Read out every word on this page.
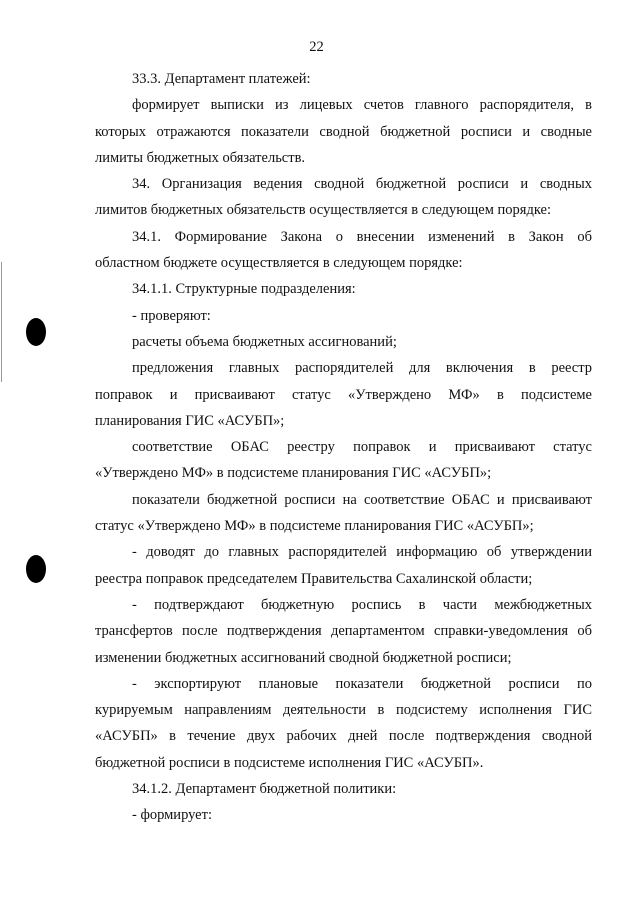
22

33.3. Департамент платежей:

формирует выписки из лицевых счетов главного распорядителя, в
которых отражаются показатели сводной бюджетной росписи и сводные
лимиты бюджетных обязательств.

34. Организация ведения сводной бюджетной росписи и сводных
лимитов бюджетных обязательств осуществляется в следующем порядке:

34.1. Формирование Закона о внесении изменений в Закон об
областном бюджете осуществляется в следующем порядке:

34.1.1. Структурные подразделения:

- проверяют:

расчеты объема бюджетных ассигнований;

предложения главных распорядителей для включения в реестр
поправок и присваивают статус «Утверждено МФ» в подсистеме
планирования ГИС «АСУБП»;

соответствие ОБАС реестру поправок и присваивают статус
«Утверждено МФ» в подсистеме планирования ГИС «АСУБП»;

показатели бюджетной росписи на соответствие ОБАС и присваивают
статус «Утверждено МФ» в подсистеме планирования ГИС «АСУБП»;

- доводят до главных распорядителей информацию об утверждении
реестра поправок председателем Правительства Сахалинской области;

- подтверждают бюджетную роспись в части межбюджетных
трансфертов после подтверждения департаментом справки-уведомления об
изменении бюджетных ассигнований сводной бюджетной росписи;

- экспортируют плановые показатели бюджетной росписи по
курируемым направлениям деятельности в подсистему исполнения ГИС
«АСУБП» в течение двух рабочих дней после подтверждения сводной
бюджетной росписи в подсистеме исполнения ГИС «АСУБП».

34.1.2. Департамент бюджетной политики:

- формирует:
